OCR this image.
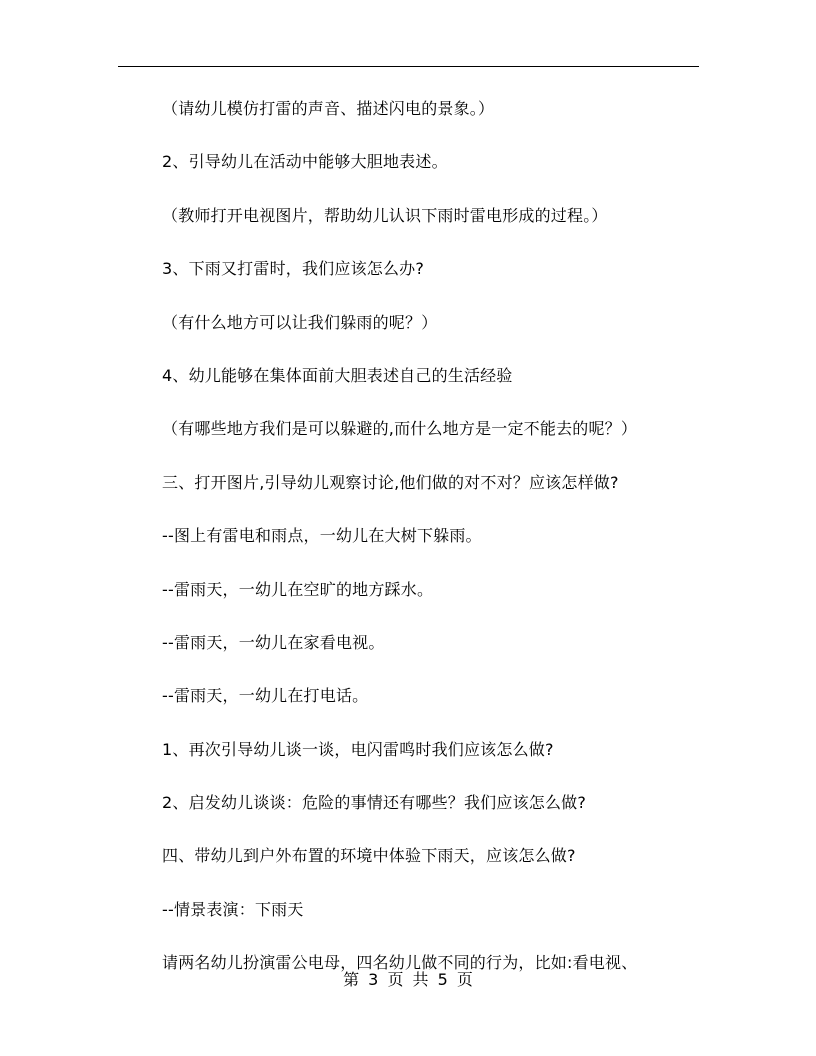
（请幼儿模仿打雷的声音、描述闪电的景象。）
2、引导幼儿在活动中能够大胆地表述。
（教师打开电视图片，帮助幼儿认识下雨时雷电形成的过程。）
3、下雨又打雷时，我们应该怎么办?
（有什么地方可以让我们躲雨的呢？）
4、幼儿能够在集体面前大胆表述自己的生活经验
（有哪些地方我们是可以躲避的,而什么地方是一定不能去的呢？）
三、打开图片,引导幼儿观察讨论,他们做的对不对？应该怎样做?
--图上有雷电和雨点，一幼儿在大树下躲雨。
--雷雨天，一幼儿在空旷的地方踩水。
--雷雨天，一幼儿在家看电视。
--雷雨天，一幼儿在打电话。
1、再次引导幼儿谈一谈，电闪雷鸣时我们应该怎么做?
2、启发幼儿谈谈：危险的事情还有哪些？我们应该怎么做?
四、带幼儿到户外布置的环境中体验下雨天，应该怎么做?
--情景表演：下雨天
请两名幼儿扮演雷公电母，四名幼儿做不同的行为，比如:看电视、
第 3 页 共 5 页
